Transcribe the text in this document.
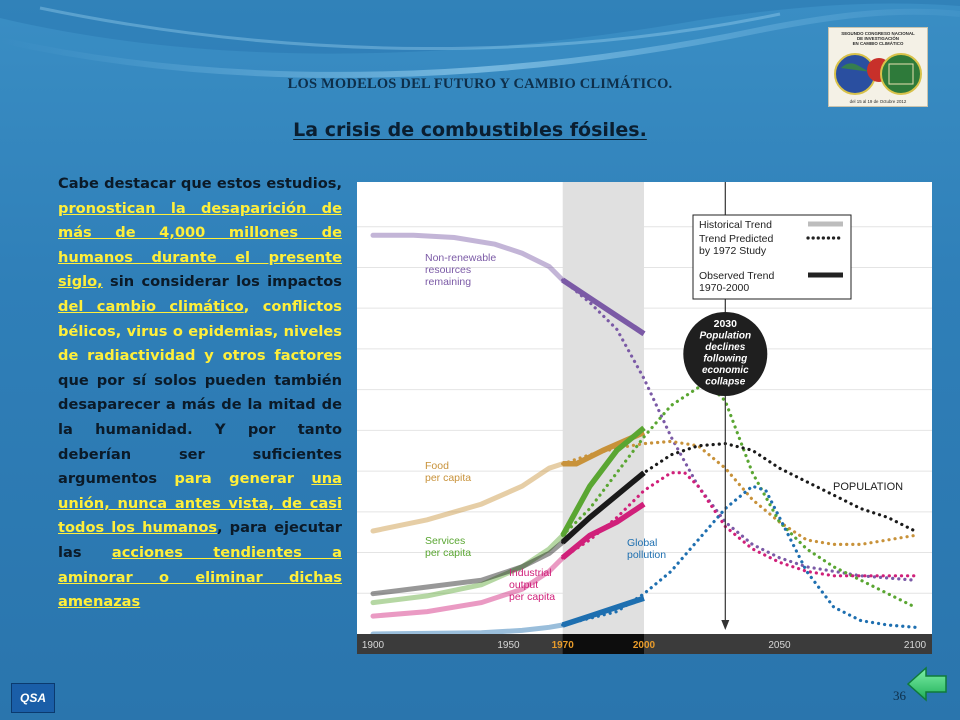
LOS MODELOS DEL FUTURO Y CAMBIO CLIMÁTICO.
SEGUNDO CONGRESO NACIONAL
DE INVESTIGACIÓN
EN CAMBIO CLIMÁTICO
del 15 al 19 de Octubre 2012
La crisis de combustibles fósiles.

Cabe destacar que estos estudios, pronostican la desaparición de más de 4,000 millones de humanos durante el presente siglo, sin considerar los impactos del cambio climático, conflictos bélicos, virus o epidemias, niveles de radiactividad y otros factores que por sí solos pueden también desaparecer a más de la mitad de la humanidad. Y por tanto deberían ser suficientes argumentos para generar una unión, nunca antes vista, de casi todos los humanos, para ejecutar las acciones tendientes a aminorar o eliminar dichas amenazas

Non-renewable
resources
remaining
Food
per capita
Services
per capita
POPULATION
Industrial
output
per capita
Global
pollution
Historical Trend
Trend Predicted
by 1972 Study
Observed Trend
1970-2000
2030
Population
declines
following
economic
collapse
1900	1950	1970	2000	2050	2100
QSA	36
